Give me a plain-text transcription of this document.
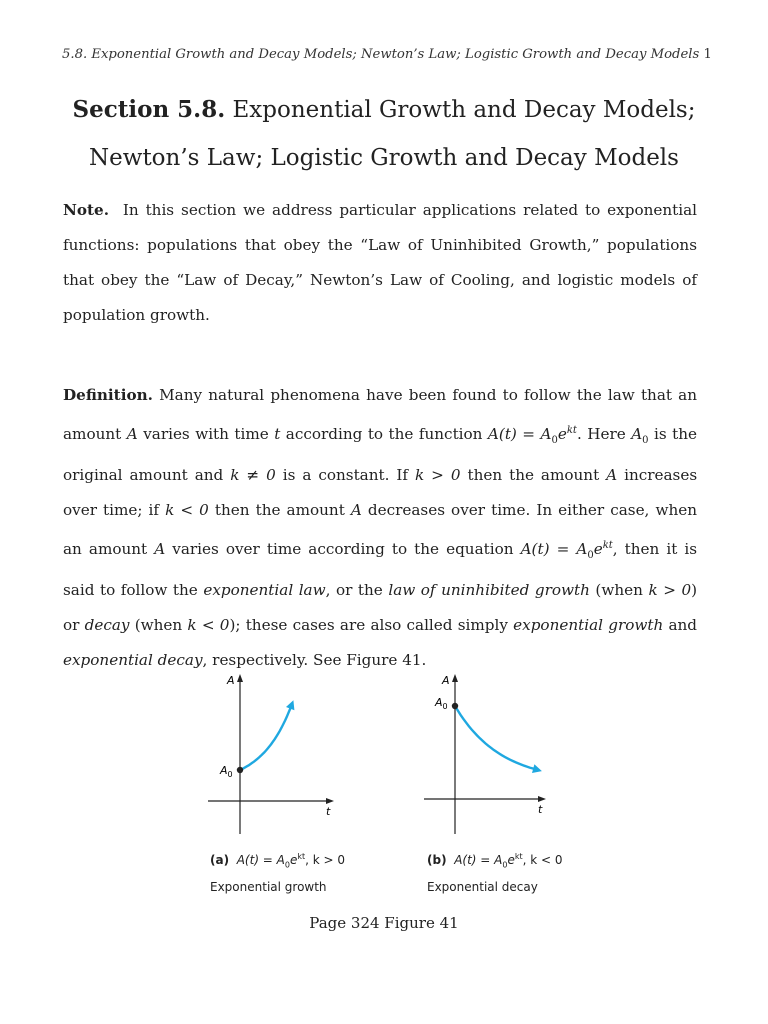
5.8. Exponential Growth and Decay Models; Newton’s Law; Logistic Growth and Decay Models 1
Section 5.8. Exponential Growth and Decay Models;
Newton’s Law; Logistic Growth and Decay Models
Note. In this section we address particular applications related to exponential functions: populations that obey the “Law of Uninhibited Growth,” populations that obey the “Law of Decay,” Newton’s Law of Cooling, and logistic models of population growth.
Definition. Many natural phenomena have been found to follow the law that an amount A varies with time t according to the function $A(t) = A_0e^{kt}$. Here $A_0$ is the original amount and k ≠ 0 is a constant. If k > 0 then the amount A increases over time; if k < 0 then the amount A decreases over time. In either case, when an amount A varies over time according to the equation $A(t) = A_0e^{kt}$, then it is said to follow the exponential law, or the law of uninhibited growth (when k > 0) or decay (when k < 0); these cases are also called simply exponential growth and exponential decay, respectively. See Figure 41.
A
t
$A_0$
(a) $A(t) = A_0e^{kt}$, k > 0
Exponential growth
A
t
$A_0$
(b) $A(t) = A_0e^{kt}$, k < 0
Exponential decay
Page 324 Figure 41
